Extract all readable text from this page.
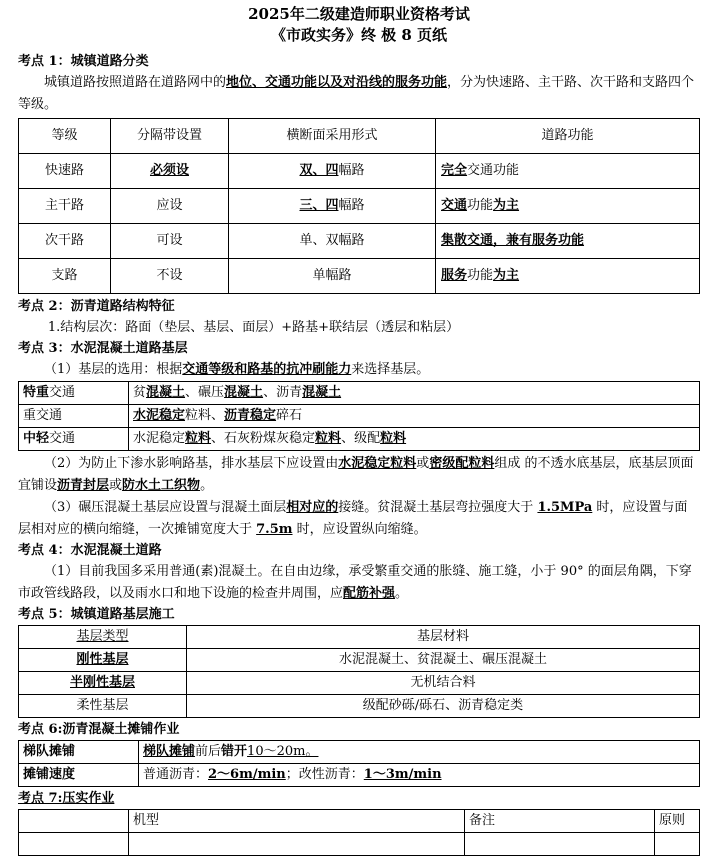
2025年二级建造师职业资格考试
《市政实务》终 极 8 页纸
考点 1：城镇道路分类

城镇道路按照道路在道路网中的地位、交通功能以及对沿线的服务功能，分为快速路、主干路、次干路和支路四个等级。

等级	分隔带设置	横断面采用形式	道路功能
快速路	必须设	双、四幅路	完全交通功能
主干路	应设	三、四幅路	交通功能为主
次干路	可设	单、双幅路	集散交通，兼有服务功能
支路	不设	单幅路	服务功能为主
考点 2：沥青道路结构特征

1.结构层次：路面（垫层、基层、面层）+路基+联结层（透层和粘层）

考点 3：水泥混凝土道路基层

（1）基层的选用：根据交通等级和路基的抗冲刷能力来选择基层。

特重交通	贫混凝土、碾压混凝土、沥青混凝土
重交通	水泥稳定粒料、沥青稳定碎石
中轻交通	水泥稳定粒料、石灰粉煤灰稳定粒料、级配粒料

（2）为防止下渗水影响路基，排水基层下应设置由水泥稳定粒料或密级配粒料组成 的不透水底基层，底基层顶面宜铺设沥青封层或防水土工织物。

（3）碾压混凝土基层应设置与混凝土面层相对应的接缝。贫混凝土基层弯拉强度大于 1.5MPa 时，应设置与面层相对应的横向缩缝，一次摊铺宽度大于 7.5m 时，应设置纵向缩缝。

考点 4：水泥混凝土道路

（1）目前我国多采用普通(素)混凝土。在自由边缘，承受繁重交通的胀缝、施工缝，小于 90° 的面层角隅，下穿市政管线路段，以及雨水口和地下设施的检查井周围，应配筋补强。

考点 5：城镇道路基层施工
基层类型	基层材料
刚性基层	水泥混凝土、贫混凝土、碾压混凝土
半刚性基层	无机结合料
柔性基层	级配砂砾/砾石、沥青稳定类
考点 6:沥青混凝土摊铺作业
梯队摊铺	梯队摊铺前后错开10～20m。
摊铺速度	普通沥青：2～6m/min；改性沥青：1～3m/min
考点 7:压实作业
	机型	备注	原则
